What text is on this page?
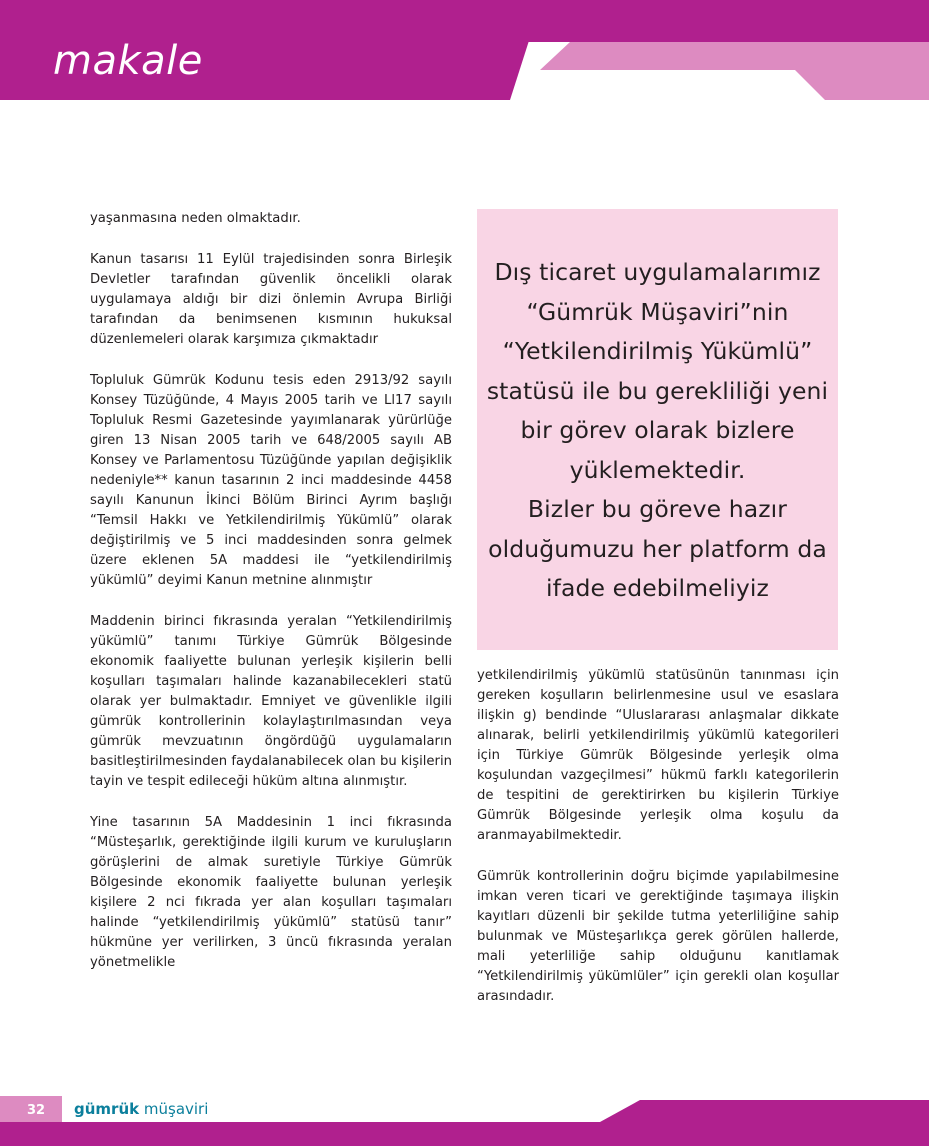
makale

yaşanmasına neden olmaktadır.

Kanun tasarısı 11 Eylül trajedisinden sonra Birleşik Devletler tarafından güvenlik öncelikli olarak uygulamaya aldığı bir dizi önlemin Avrupa Birliği tarafından da benimsenen kısmının hukuksal düzenlemeleri olarak karşımıza çıkmaktadır

Topluluk Gümrük Kodunu tesis eden 2913/92 sayılı Konsey Tüzüğünde, 4 Mayıs 2005 tarih ve Ll17 sayılı Topluluk Resmi Gazetesinde yayımlanarak yürürlüğe giren 13 Nisan 2005 tarih ve 648/2005 sayılı AB Konsey ve Parlamentosu Tüzüğünde yapılan değişiklik nedeniyle** kanun tasarının 2 inci maddesinde 4458 sayılı Kanunun İkinci Bölüm Birinci Ayrım başlığı “Temsil Hakkı ve Yetkilendirilmiş Yükümlü” olarak değiştirilmiş ve 5 inci maddesinden sonra gelmek üzere eklenen 5A maddesi ile “yetkilendirilmiş yükümlü” deyimi Kanun metnine alınmıştır

Maddenin birinci fıkrasında yeralan “Yetkilendirilmiş yükümlü” tanımı Türkiye Gümrük Bölgesinde ekonomik faaliyette bulunan yerleşik kişilerin belli koşulları taşımaları halinde kazanabilecekleri statü olarak yer bulmaktadır. Emniyet ve güvenlikle ilgili gümrük kontrollerinin kolaylaştırılmasından veya gümrük mevzuatının öngördüğü uygulamaların basitleştirilmesinden faydalanabilecek olan bu kişilerin tayin ve tespit edileceği hüküm altına alınmıştır.

Yine tasarının 5A Maddesinin 1 inci fıkrasında “Müsteşarlık, gerektiğinde ilgili kurum ve kuruluşların görüşlerini de almak suretiyle Türkiye Gümrük Bölgesinde ekonomik faaliyette bulunan yerleşik kişilere 2 nci fıkrada yer alan koşulları taşımaları halinde “yetkilendirilmiş yükümlü” statüsü tanır” hükmüne yer verilirken, 3 üncü fıkrasında yeralan yönetmelikle

Dış ticaret uygulamalarımız “Gümrük Müşaviri”nin “Yetkilendirilmiş Yükümlü” statüsü ile bu gerekliliği yeni bir görev olarak bizlere yüklemektedir.
Bizler bu göreve hazır olduğumuzu her platform da ifade edebilmeliyiz

yetkilendirilmiş yükümlü statüsünün tanınması için gereken koşulların belirlenmesine usul ve esaslara ilişkin g) bendinde “Uluslararası anlaşmalar dikkate alınarak, belirli yetkilendirilmiş yükümlü kategorileri için Türkiye Gümrük Bölgesinde yerleşik olma koşulundan vazgeçilmesi” hükmü farklı kategorilerin de tespitini de gerektirirken bu kişilerin Türkiye Gümrük Bölgesinde yerleşik olma koşulu da aranmayabilmektedir.

Gümrük kontrollerinin doğru biçimde yapılabilmesine imkan veren ticari ve gerektiğinde taşımaya ilişkin kayıtları düzenli bir şekilde tutma yeterliliğine sahip bulunmak ve Müsteşarlıkça gerek görülen hallerde, mali yeterliliğe sahip olduğunu kanıtlamak “Yetkilendirilmiş yükümlüler” için gerekli olan koşullar arasındadır.

32 gümrük müşaviri
